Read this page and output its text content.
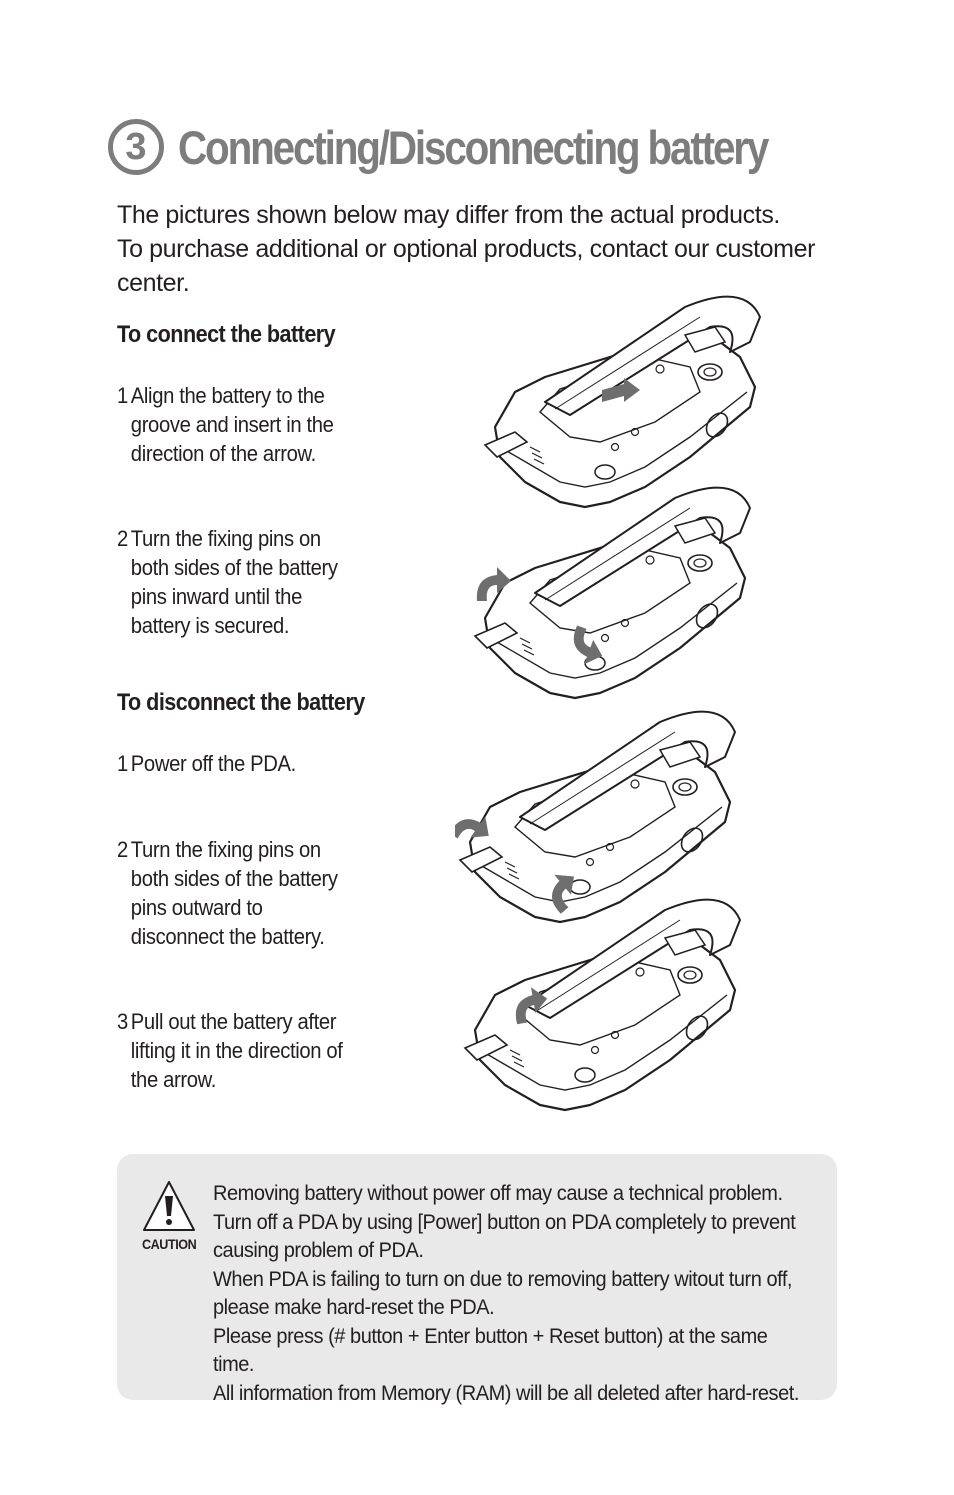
3 Connecting/Disconnecting battery

The pictures shown below may differ from the actual products.

To purchase additional or optional products, contact our customer center.

To connect the battery
1 Align the battery to the groove and insert in the direction of the arrow.
2 Turn the fixing pins on both sides of the battery pins inward until the battery is secured.
To disconnect the battery
1 Power off the PDA.
2 Turn the fixing pins on both sides of the battery pins outward to disconnect the battery.
3 Pull out the battery after lifting it in the direction of the arrow.
CAUTION

Removing battery without power off may cause a technical problem.

Turn off a PDA by using [Power] button on PDA completely to prevent causing problem of PDA.

When PDA is failing to turn on due to removing battery witout turn off, please make hard-reset the PDA.

Please press (# button + Enter button + Reset button) at the same time.

All information from Memory (RAM) will be all deleted after hard-reset.
